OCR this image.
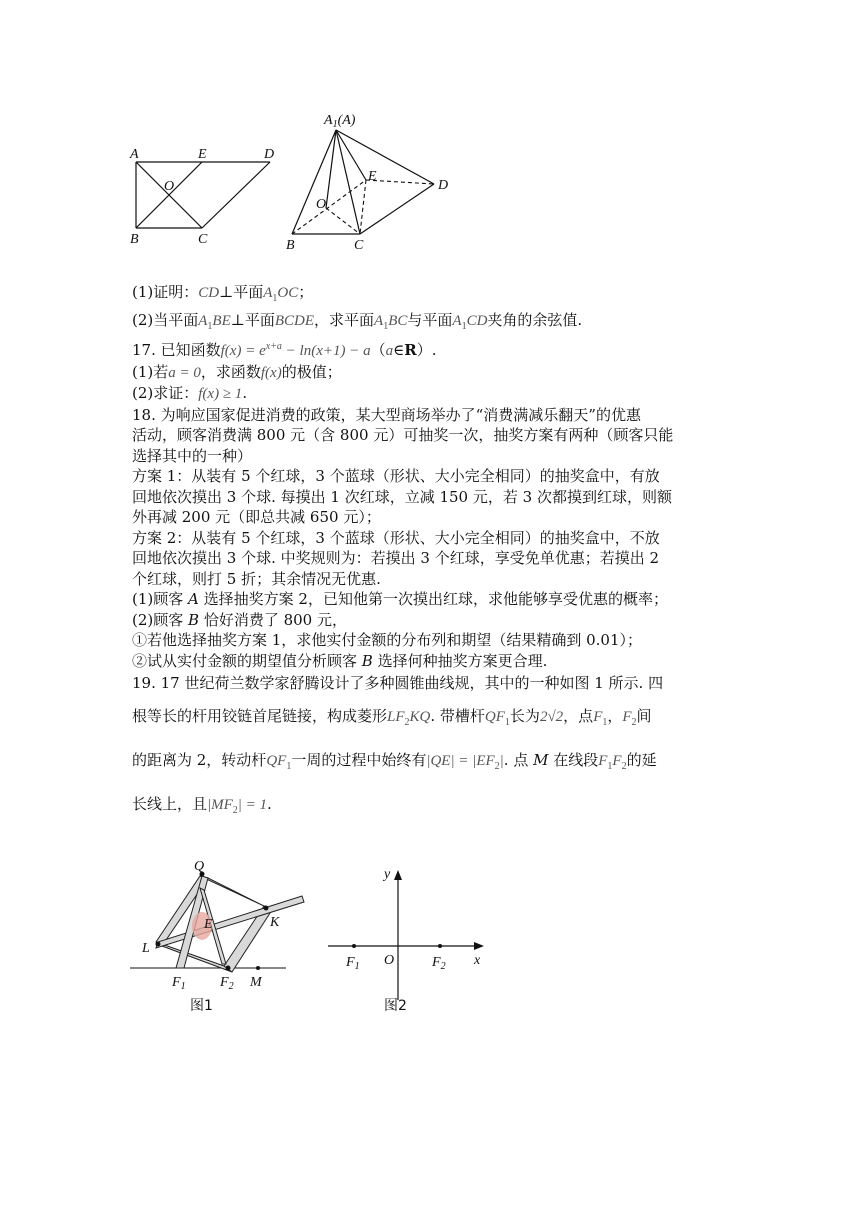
A	E	D
O
B	C
$A_1(A)$
E
D
O
B	C
(1)证明：CD⊥平面$A_1OC$；
(2)当平面$A_1BE\perp$平面BCDE，求平面$A_1BC$与平面$A_1CD$夹角的余弦值.
17. 已知函数$f(x) = e^{x+a} - \ln(x+1)$ − a（a∈R）.
(1)若a = 0，求函数f(x)的极值；
(2)求证：f(x) ≥ 1.
18. 为响应国家促进消费的政策，某大型商场举办了“消费满减乐翻天”的优惠
活动，顾客消费满 800 元（含 800 元）可抽奖一次，抽奖方案有两种（顾客只能
选择其中的一种）
方案 1：从装有 5 个红球，3 个蓝球（形状、大小完全相同）的抽奖盒中，有放
回地依次摸出 3 个球. 每摸出 1 次红球，立减 150 元，若 3 次都摸到红球，则额
外再减 200 元（即总共减 650 元）；
方案 2：从装有 5 个红球，3 个蓝球（形状、大小完全相同）的抽奖盒中，不放
回地依次摸出 3 个球. 中奖规则为：若摸出 3 个红球，享受免单优惠；若摸出 2
个红球，则打 5 折；其余情况无优惠.
(1)顾客 A 选择抽奖方案 2，已知他第一次摸出红球，求他能够享受优惠的概率；
(2)顾客 B 恰好消费了 800 元，
①若他选择抽奖方案 1，求他实付金额的分布列和期望（结果精确到 0.01）；
②试从实付金额的期望值分析顾客 B 选择何种抽奖方案更合理.
19. 17 世纪荷兰数学家舒腾设计了多种圆锥曲线规，其中的一种如图 1 所示. 四
根等长的杆用铰链首尾链接，构成菱形$LF_2KQ$. 带槽杆$QF_1$长为2√2，点$F_1$，$F_2$间
的距离为 2，转动杆$QF_1$一周的过程中始终有$|QE| = |EF_2|$. 点 M 在线段$F_1F_2$的延
长线上，且$|MF_2| = 1$.
Q
E	K
L
$F_1$ $F_2$ M
图1
y
x
O
$F_1$	$F_2$
图2
